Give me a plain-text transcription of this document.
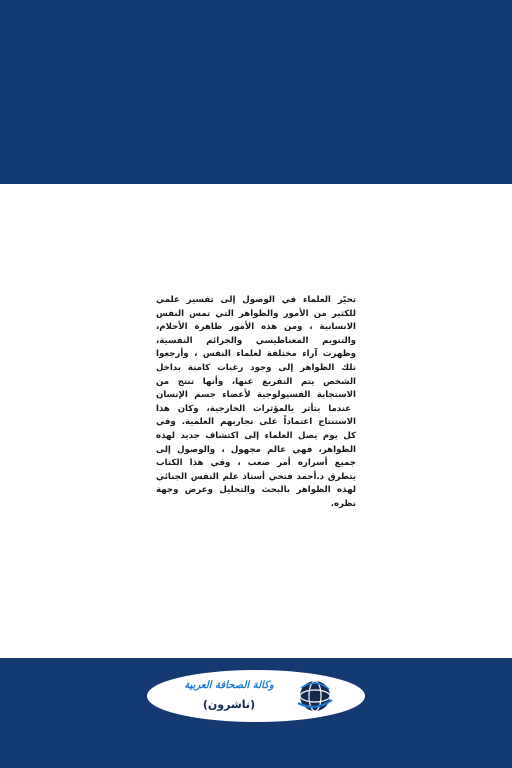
تحيّر العلماء في الوصول إلى تفسير علمي للكثير من الأمور والظواهر التي تمس النفس الانسانية ، ومن هذه الأمور ظاهرة الأحلام، والتنويم المغناطيسي والجرائم النفسية، وظهرت آراء مختلفة لعلماء النفس ، وأرجعوا تلك الظواهر إلى وجود رغبات كامنة بداخل الشخص يتم التفريغ عنها، وأنها تنتج من الاستجابة الفسيولوجية لأعضاء جسم الإنسان عندما يتأثر بالمؤثرات الخارجية، وكان هذا الاستنتاج اعتماداً على تجاربهم العلمية. وفي كل يوم يصل العلماء إلى اكتشاف جديد لهذه الظواهر، فهي عالم مجهول ، والوصول إلى جميع أسراره أمر صعب ، وفي هذا الكتاب يتطرق د.أحمد فتحي أستاذ علم النفس الجنائي لهذه الظواهر بالبحث والتحليل وعرض وجهة نظره.

وكالة الصحافة العربية
(ناشرون)
